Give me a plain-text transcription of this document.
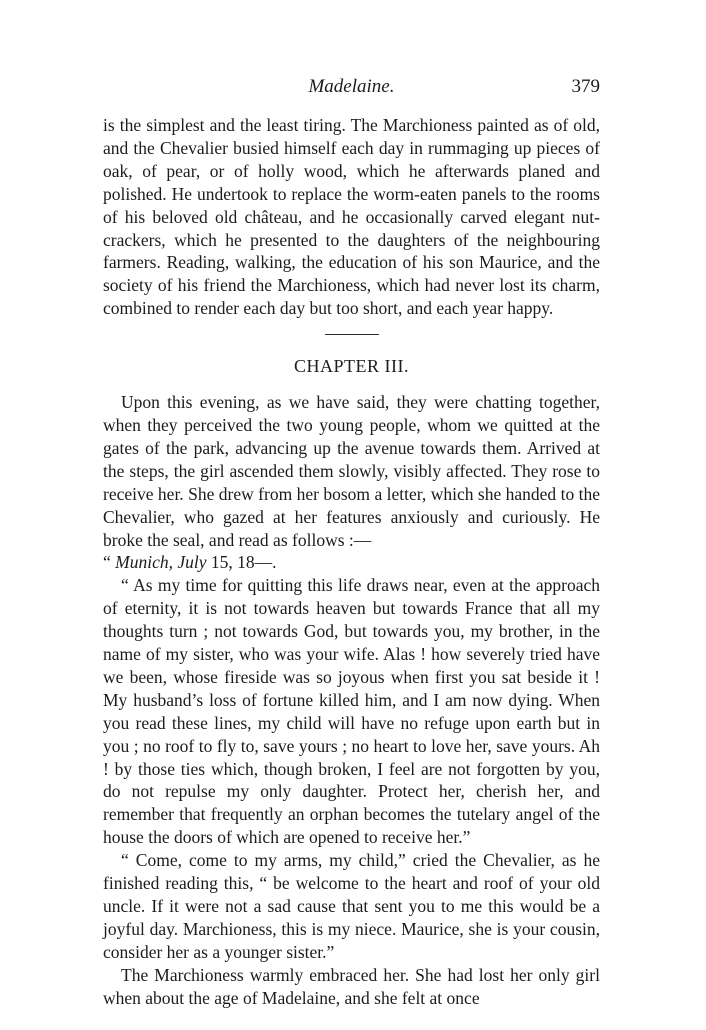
Madelaine.	379

is the simplest and the least tiring. The Marchioness painted as of old, and the Chevalier busied himself each day in rummaging up pieces of oak, of pear, or of holly wood, which he afterwards planed and polished. He undertook to replace the worm-eaten panels to the rooms of his beloved old château, and he occasionally carved elegant nut-crackers, which he presented to the daughters of the neighbouring farmers. Reading, walking, the education of his son Maurice, and the society of his friend the Marchioness, which had never lost its charm, combined to render each day but too short, and each year happy.

CHAPTER III.

Upon this evening, as we have said, they were chatting together, when they perceived the two young people, whom we quitted at the gates of the park, advancing up the avenue towards them. Arrived at the steps, the girl ascended them slowly, visibly affected. They rose to receive her. She drew from her bosom a letter, which she handed to the Chevalier, who gazed at her features anxiously and curiously. He broke the seal, and read as follows :—

“ Munich, July 15, 18—.

“ As my time for quitting this life draws near, even at the approach of eternity, it is not towards heaven but towards France that all my thoughts turn ; not towards God, but towards you, my brother, in the name of my sister, who was your wife. Alas ! how severely tried have we been, whose fireside was so joyous when first you sat beside it ! My husband’s loss of fortune killed him, and I am now dying. When you read these lines, my child will have no refuge upon earth but in you ; no roof to fly to, save yours ; no heart to love her, save yours. Ah ! by those ties which, though broken, I feel are not forgotten by you, do not repulse my only daughter. Protect her, cherish her, and remember that frequently an orphan becomes the tutelary angel of the house the doors of which are opened to receive her.”

“ Come, come to my arms, my child,” cried the Chevalier, as he finished reading this, “ be welcome to the heart and roof of your old uncle. If it were not a sad cause that sent you to me this would be a joyful day. Marchioness, this is my niece. Maurice, she is your cousin, consider her as a younger sister.”

The Marchioness warmly embraced her. She had lost her only girl when about the age of Madelaine, and she felt at once
